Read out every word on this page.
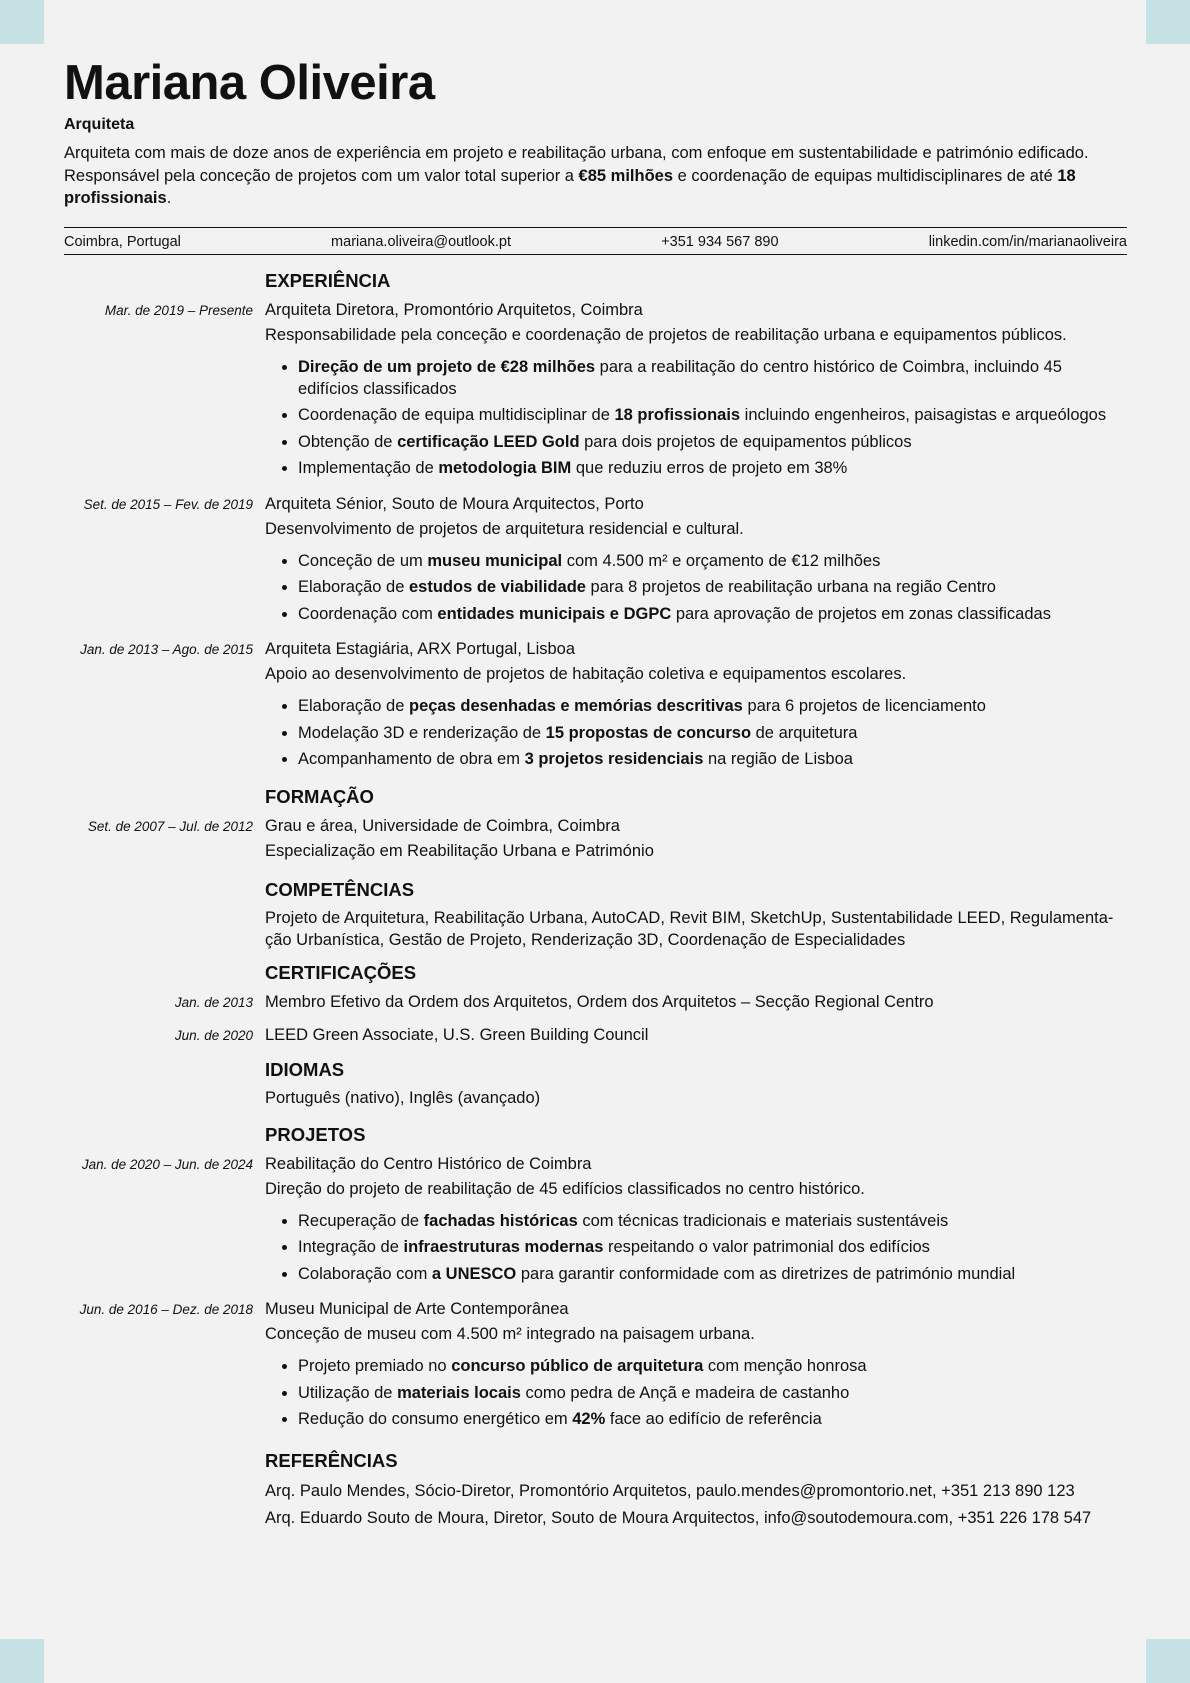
Mariana Oliveira
Arquiteta

Arquiteta com mais de doze anos de experiência em projeto e reabilitação urbana, com enfoque em sustentabilidade e património edificado. Responsável pela conceção de projetos com um valor total superior a €85 milhões e coordenação de equipas multidisciplinares de até 18 profissionais.

Coimbra, Portugal	mariana.oliveira@outlook.pt	+351 934 567 890	linkedin.com/in/marianaoliveira
EXPERIÊNCIA
Mar. de 2019 – Presente Arquiteta Diretora, Promontório Arquitetos, Coimbra

Responsabilidade pela conceção e coordenação de projetos de reabilitação urbana e equipamentos públicos.

• Direção de um projeto de €28 milhões para a reabilitação do centro histórico de Coimbra, incluindo 45 edifícios classificados
• Coordenação de equipa multidisciplinar de 18 profissionais incluindo engenheiros, paisagistas e arqueólogos
• Obtenção de certificação LEED Gold para dois projetos de equipamentos públicos
• Implementação de metodologia BIM que reduziu erros de projeto em 38%
Set. de 2015 – Fev. de 2019 Arquiteta Sénior, Souto de Moura Arquitectos, Porto

Desenvolvimento de projetos de arquitetura residencial e cultural.

• Conceção de um museu municipal com 4.500 m² e orçamento de €12 milhões
• Elaboração de estudos de viabilidade para 8 projetos de reabilitação urbana na região Centro
• Coordenação com entidades municipais e DGPC para aprovação de projetos em zonas classificadas
Jan. de 2013 – Ago. de 2015 Arquiteta Estagiária, ARX Portugal, Lisboa

Apoio ao desenvolvimento de projetos de habitação coletiva e equipamentos escolares.

• Elaboração de peças desenhadas e memórias descritivas para 6 projetos de licenciamento
• Modelação 3D e renderização de 15 propostas de concurso de arquitetura
• Acompanhamento de obra em 3 projetos residenciais na região de Lisboa
FORMAÇÃO
Set. de 2007 – Jul. de 2012 Grau e área, Universidade de Coimbra, Coimbra

Especialização em Reabilitação Urbana e Património

COMPETÊNCIAS
Projeto de Arquitetura, Reabilitação Urbana, AutoCAD, Revit BIM, SketchUp, Sustentabilidade LEED, Regulamenta-ção Urbanística, Gestão de Projeto, Renderização 3D, Coordenação de Especialidades
CERTIFICAÇÕES
Jan. de 2013 Membro Efetivo da Ordem dos Arquitetos, Ordem dos Arquitetos – Secção Regional Centro

Jun. de 2020 LEED Green Associate, U.S. Green Building Council

IDIOMAS
Português (nativo), Inglês (avançado)
PROJETOS
Jan. de 2020 – Jun. de 2024 Reabilitação do Centro Histórico de Coimbra

Direção do projeto de reabilitação de 45 edifícios classificados no centro histórico.

• Recuperação de fachadas históricas com técnicas tradicionais e materiais sustentáveis
• Integração de infraestruturas modernas respeitando o valor patrimonial dos edifícios
• Colaboração com a UNESCO para garantir conformidade com as diretrizes de património mundial
Jun. de 2016 – Dez. de 2018 Museu Municipal de Arte Contemporânea

Conceção de museu com 4.500 m² integrado na paisagem urbana.

• Projeto premiado no concurso público de arquitetura com menção honrosa
• Utilização de materiais locais como pedra de Ançã e madeira de castanho
• Redução do consumo energético em 42% face ao edifício de referência
REFERÊNCIAS
Arq. Paulo Mendes, Sócio-Diretor, Promontório Arquitetos, paulo.mendes@promontorio.net, +351 213 890 123
Arq. Eduardo Souto de Moura, Diretor, Souto de Moura Arquitectos, info@soutodemoura.com, +351 226 178 547
